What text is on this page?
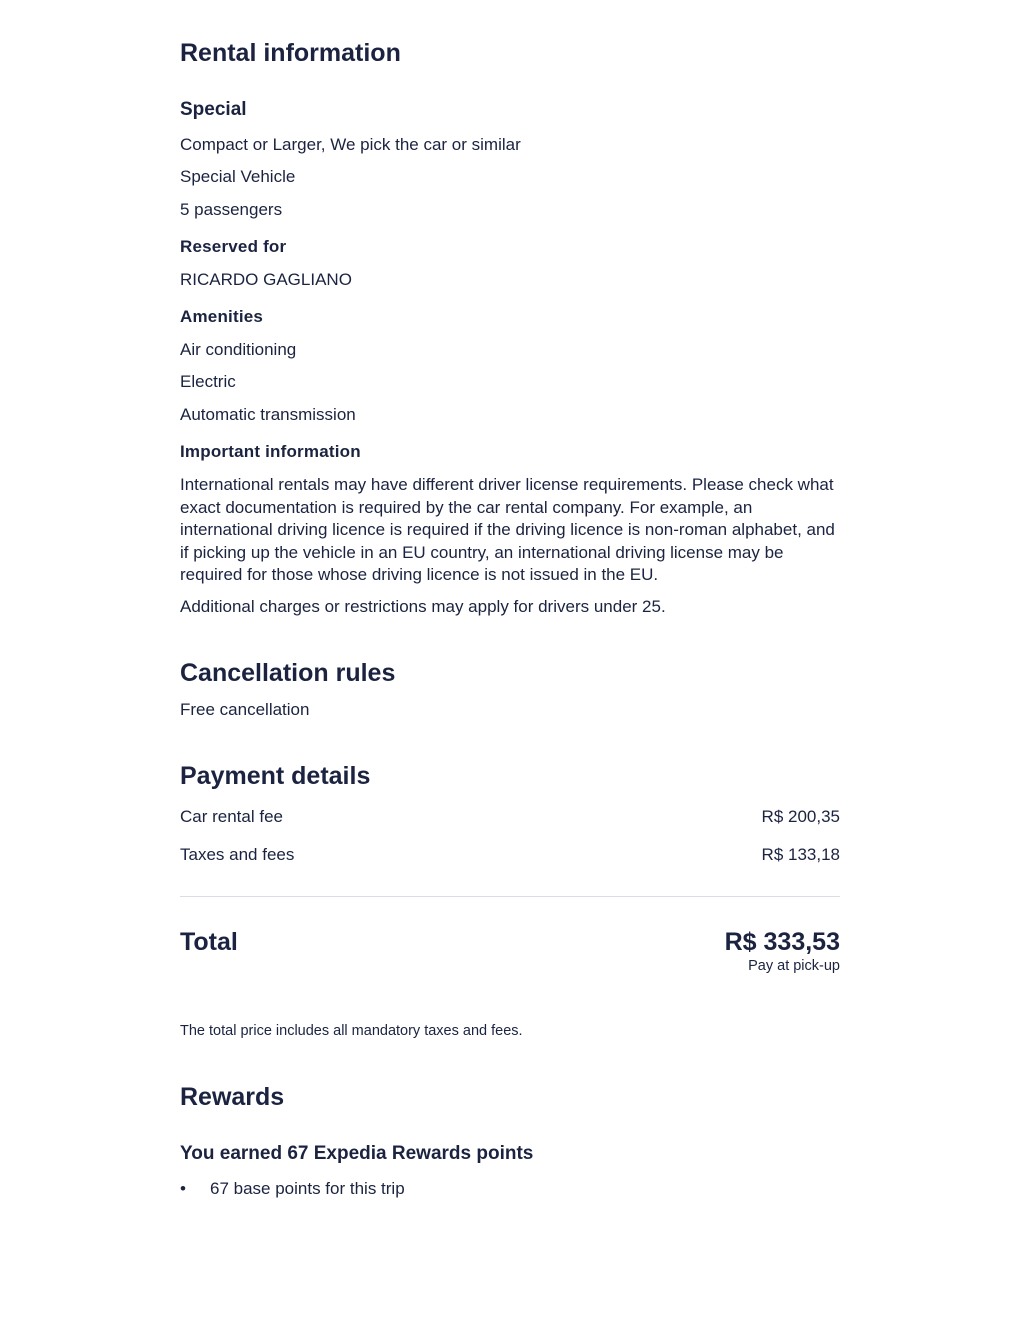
Rental information
Special
Compact or Larger, We pick the car or similar
Special Vehicle
5 passengers
Reserved for
RICARDO GAGLIANO
Amenities
Air conditioning
Electric
Automatic transmission
Important information
International rentals may have different driver license requirements. Please check what exact documentation is required by the car rental company. For example, an international driving licence is required if the driving licence is non-roman alphabet, and if picking up the vehicle in an EU country, an international driving license may be required for those whose driving licence is not issued in the EU.
Additional charges or restrictions may apply for drivers under 25.
Cancellation rules
Free cancellation
Payment details
Car rental fee	R$ 200,35
Taxes and fees	R$ 133,18
Total	R$ 333,53
Pay at pick-up
The total price includes all mandatory taxes and fees.
Rewards
You earned 67 Expedia Rewards points
•	67 base points for this trip
